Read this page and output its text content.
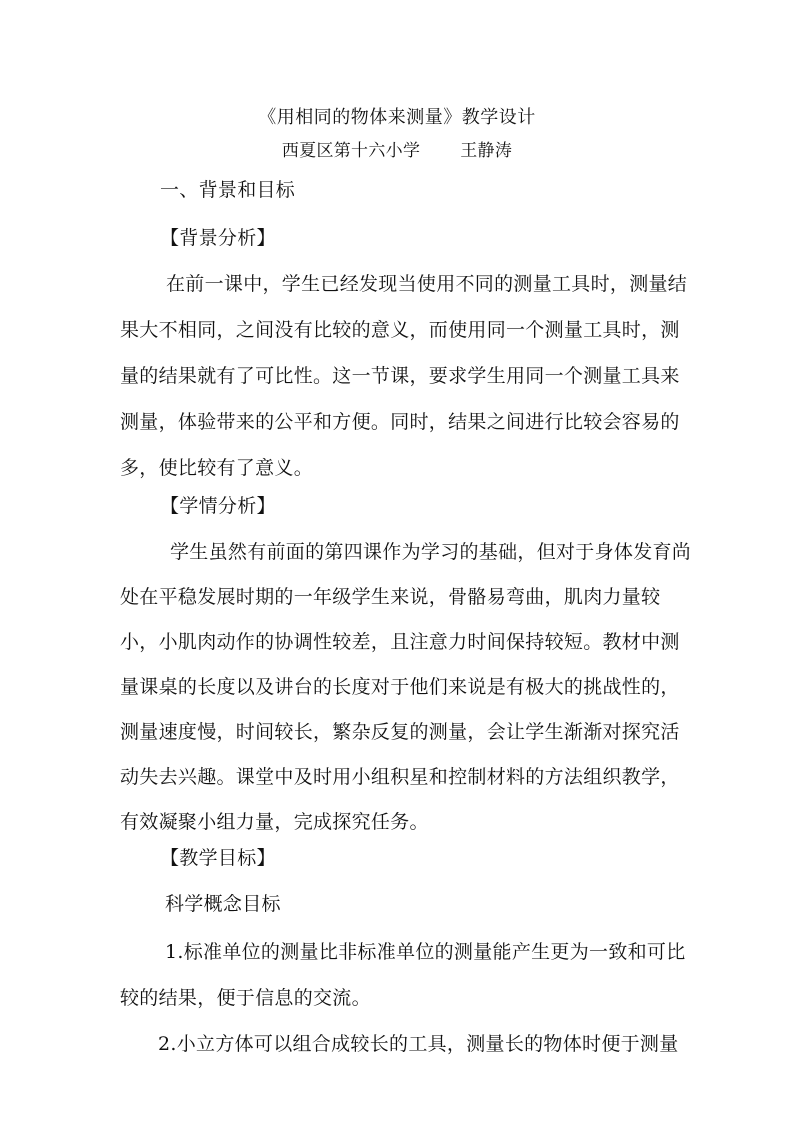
《用相同的物体来测量》教学设计
西夏区第十六小学 王静涛
一、背景和目标
【背景分析】
在前一课中，学生已经发现当使用不同的测量工具时，测量结
果大不相同，之间没有比较的意义，而使用同一个测量工具时，测
量的结果就有了可比性。这一节课，要求学生用同一个测量工具来
测量，体验带来的公平和方便。同时，结果之间进行比较会容易的
多，使比较有了意义。
【学情分析】
学生虽然有前面的第四课作为学习的基础，但对于身体发育尚
处在平稳发展时期的一年级学生来说，骨骼易弯曲，肌肉力量较
小，小肌肉动作的协调性较差，且注意力时间保持较短。教材中测
量课桌的长度以及讲台的长度对于他们来说是有极大的挑战性的，
测量速度慢，时间较长，繁杂反复的测量，会让学生渐渐对探究活
动失去兴趣。课堂中及时用小组积星和控制材料的方法组织教学，
有效凝聚小组力量，完成探究任务。
【教学目标】
科学概念目标
1.标准单位的测量比非标准单位的测量能产生更为一致和可比
较的结果，便于信息的交流。
2.小立方体可以组合成较长的工具，测量长的物体时便于测量
